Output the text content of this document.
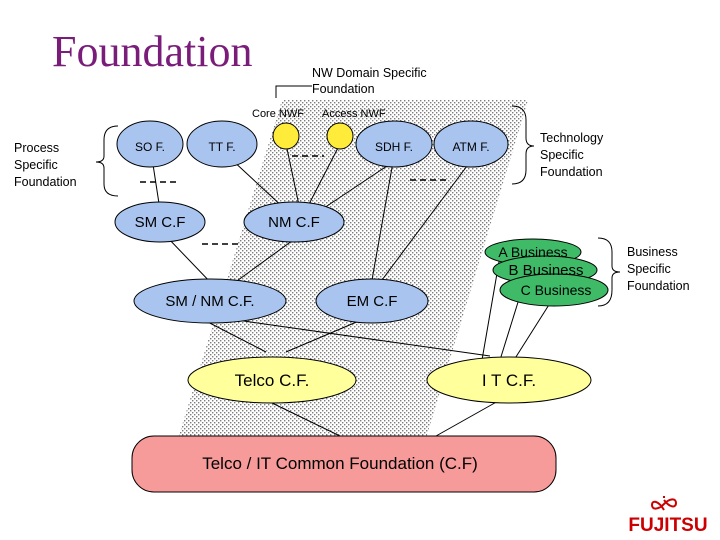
SO F.	TT F.	SDH F.	ATM F.
SM C.F	NM C.F
SM / NM C.F.	EM C.F
B Business
A Business
C Business
Telco C.F.	I T C.F.
Telco / IT Common Foundation (C.F)
Process
Specific
Foundation
Technology
Specific
Foundation
Business
Specific
Foundation
NW Domain Specific
Foundation
Core NWF Access NWF
FUJITSU
Foundation
